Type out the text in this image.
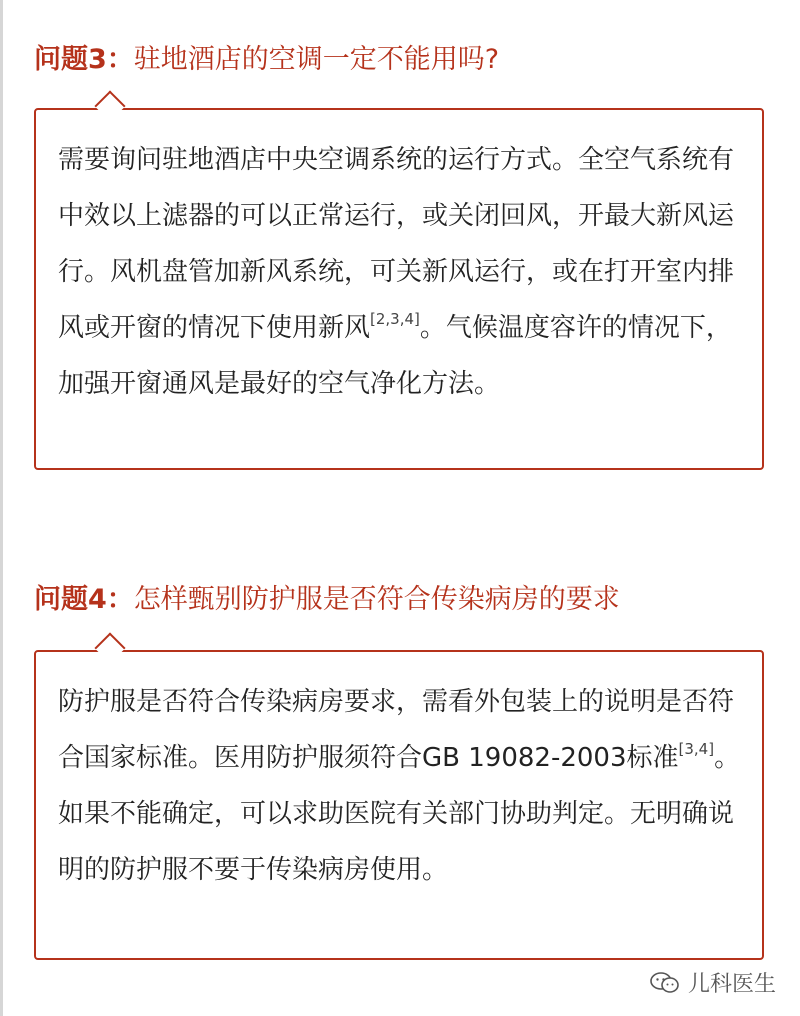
问题3：驻地酒店的空调一定不能用吗?
需要询问驻地酒店中央空调系统的运行方式。全空气系统有中效以上滤器的可以正常运行，或关闭回风，开最大新风运行。风机盘管加新风系统，可关新风运行，或在打开室内排风或开窗的情况下使用新风[2,3,4]。气候温度容许的情况下，加强开窗通风是最好的空气净化方法。
问题4：怎样甄别防护服是否符合传染病房的要求
防护服是否符合传染病房要求，需看外包装上的说明是否符合国家标准。医用防护服须符合GB 19082-2003标准[3,4]。如果不能确定，可以求助医院有关部门协助判定。无明确说明的防护服不要于传染病房使用。
儿科医生
